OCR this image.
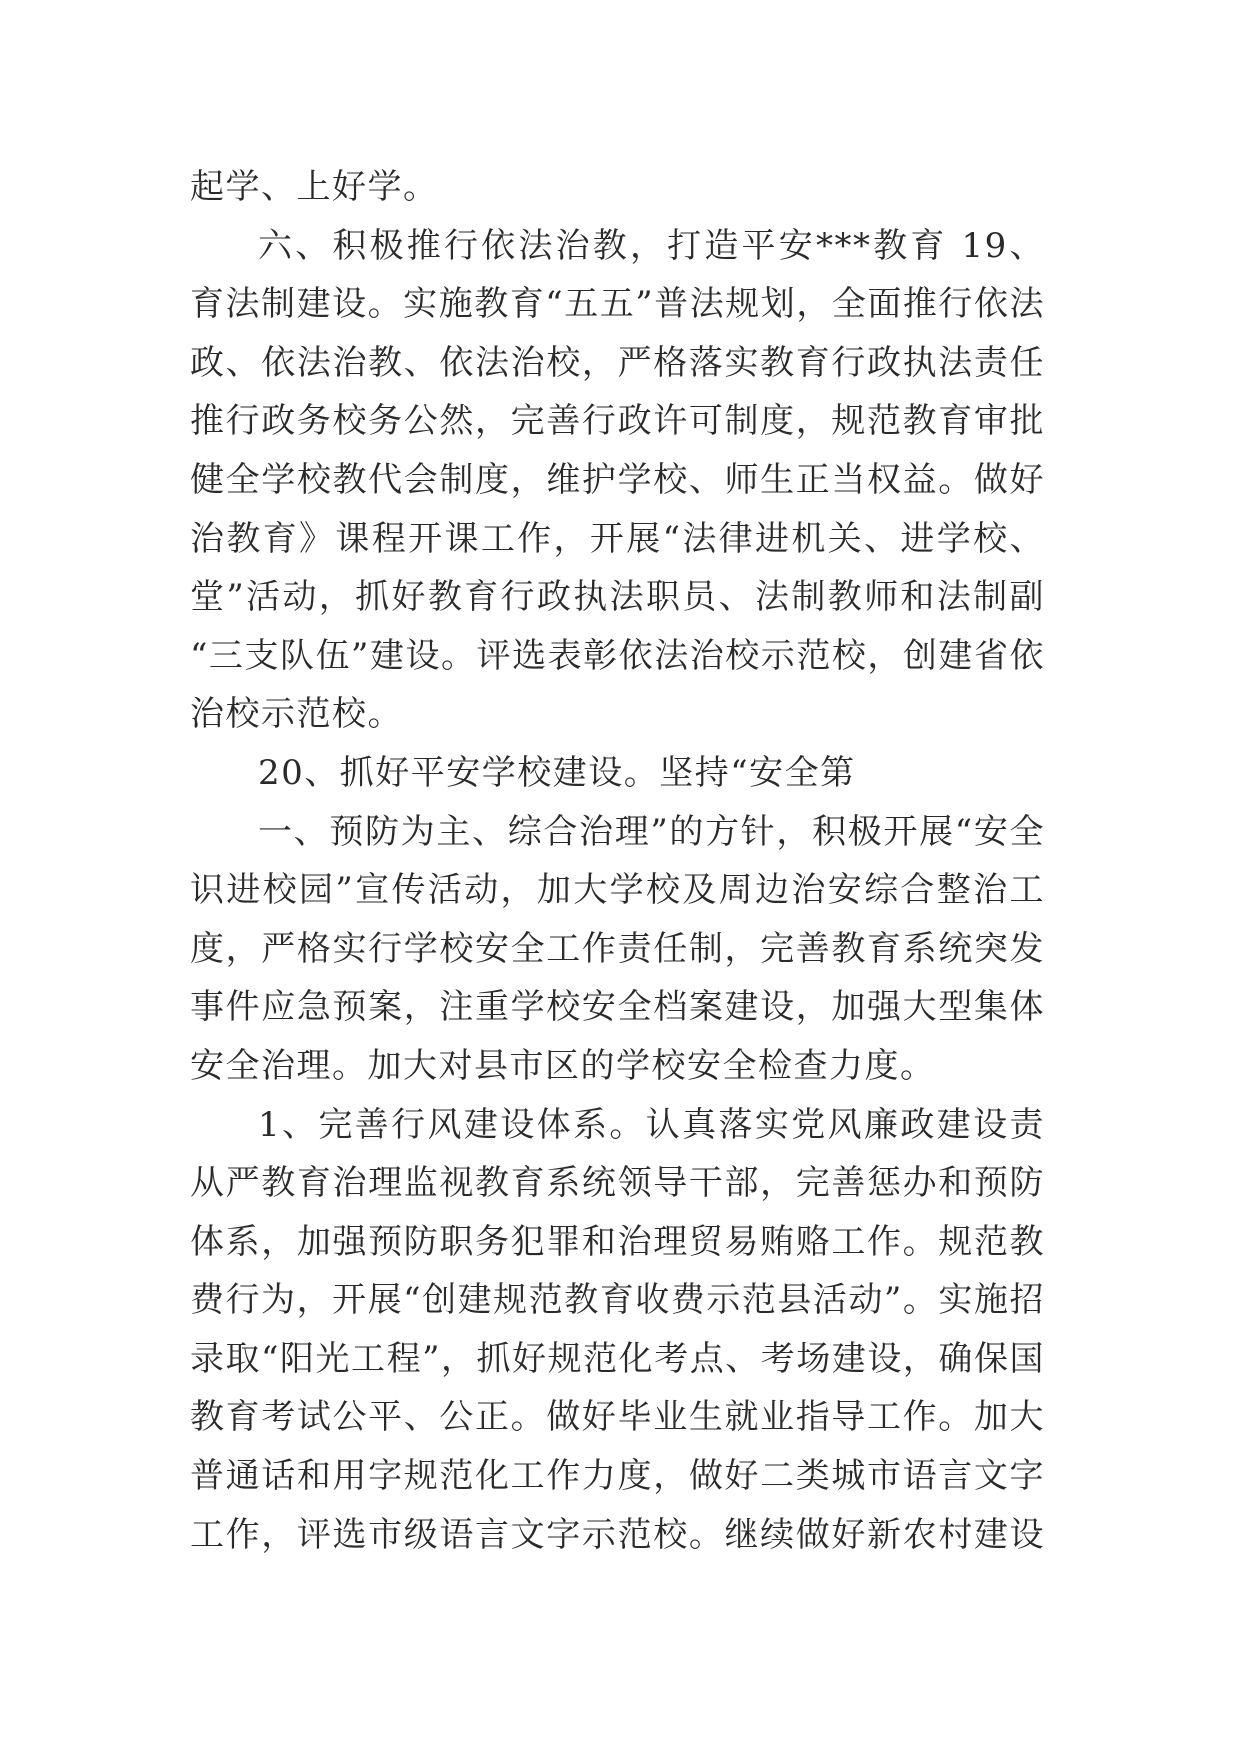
起学、上好学。
六、积极推行依法治教，打造平安***教育 19、
育法制建设。实施教育“五五”普法规划，全面推行依法
政、依法治教、依法治校，严格落实教育行政执法责任
推行政务校务公然，完善行政许可制度，规范教育审批
健全学校教代会制度，维护学校、师生正当权益。做好
治教育》课程开课工作，开展“法律进机关、进学校、
堂”活动，抓好教育行政执法职员、法制教师和法制副
“三支队伍”建设。评选表彰依法治校示范校，创建省依
治校示范校。
20、抓好平安学校建设。坚持“安全第
一、预防为主、综合治理”的方针，积极开展“安全
识进校园”宣传活动，加大学校及周边治安综合整治工
度，严格实行学校安全工作责任制，完善教育系统突发
事件应急预案，注重学校安全档案建设，加强大型集体
安全治理。加大对县市区的学校安全检查力度。
1、完善行风建设体系。认真落实党风廉政建设责
从严教育治理监视教育系统领导干部，完善惩办和预防
体系，加强预防职务犯罪和治理贸易贿赂工作。规范教
费行为，开展“创建规范教育收费示范县活动”。实施招
录取“阳光工程”，抓好规范化考点、考场建设，确保国
教育考试公平、公正。做好毕业生就业指导工作。加大
普通话和用字规范化工作力度，做好二类城市语言文字
工作，评选市级语言文字示范校。继续做好新农村建设
